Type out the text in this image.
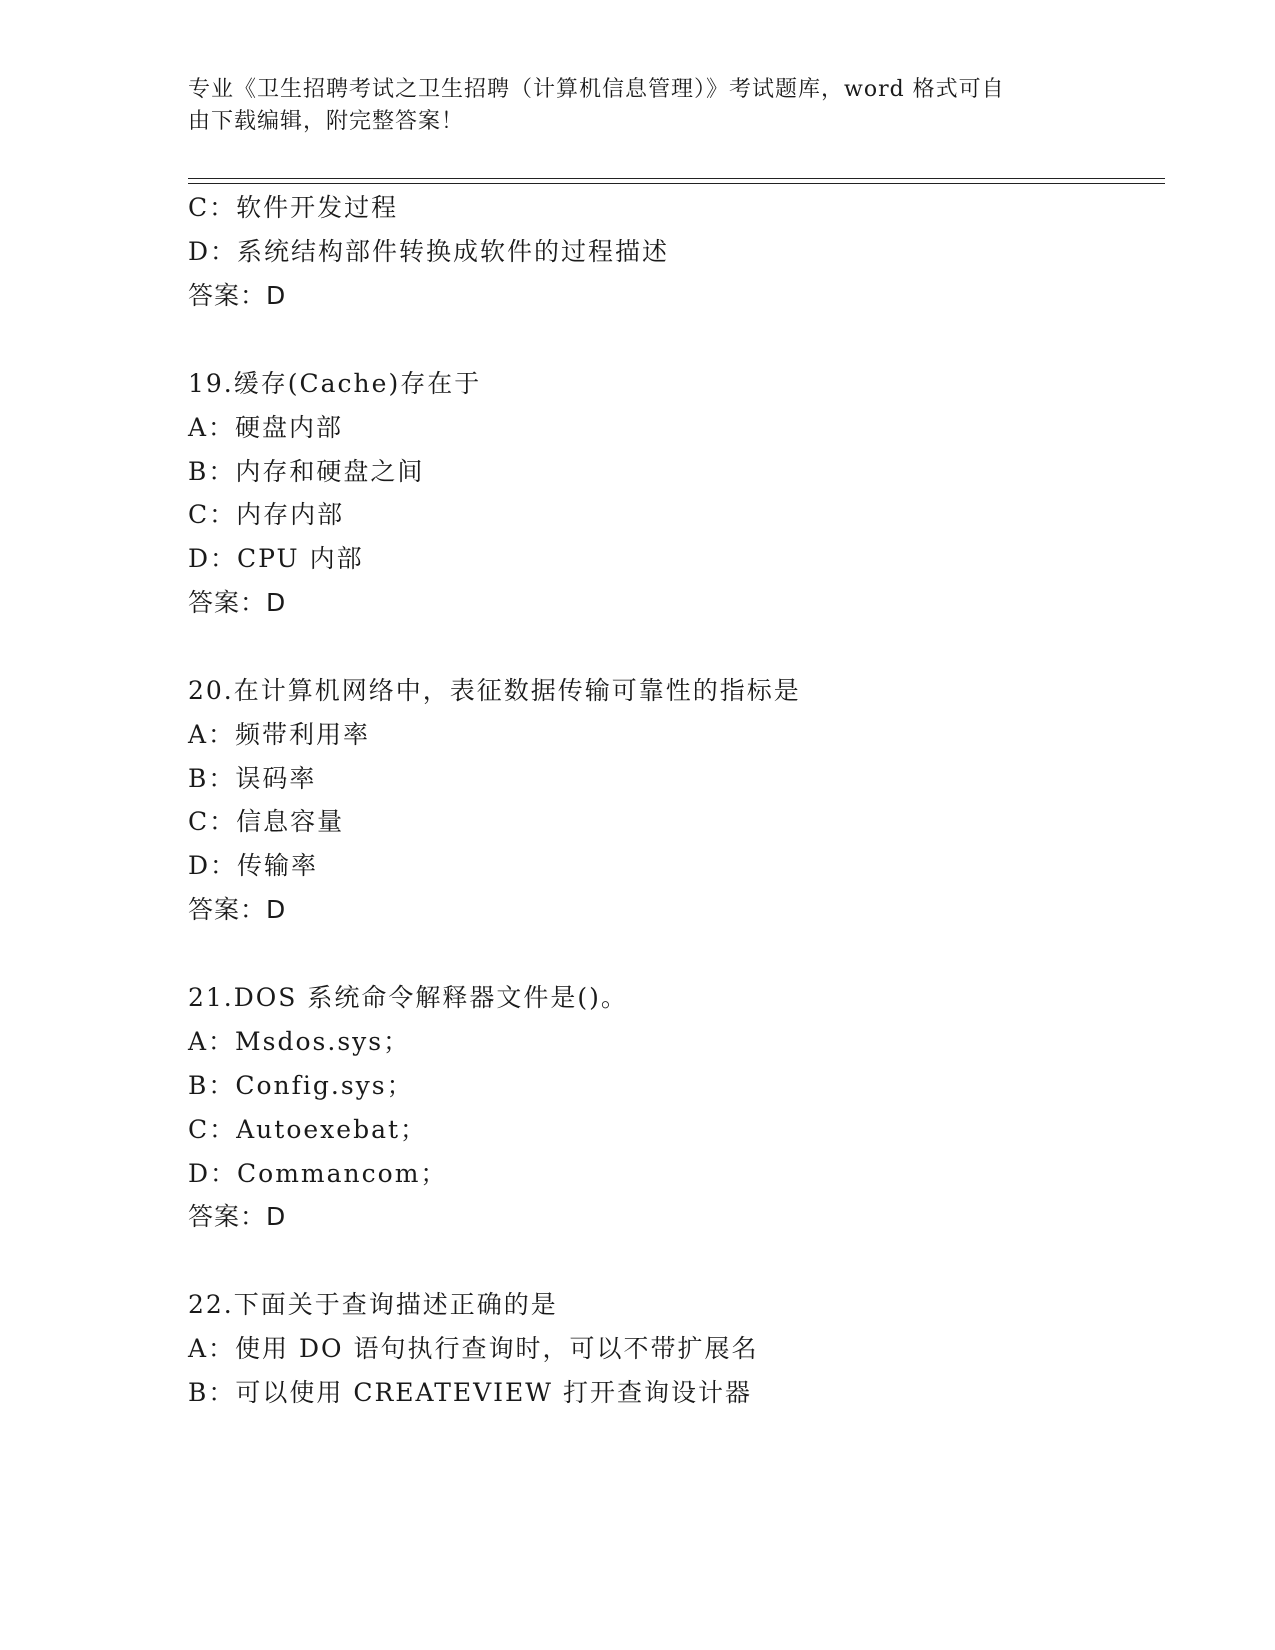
专业《卫生招聘考试之卫生招聘（计算机信息管理）》考试题库，word 格式可自
由下载编辑，附完整答案！
C：软件开发过程
D：系统结构部件转换成软件的过程描述
答案：D
19.缓存(Cache)存在于
A：硬盘内部
B：内存和硬盘之间
C：内存内部
D：CPU 内部
答案：D
20.在计算机网络中，表征数据传输可靠性的指标是
A：频带利用率
B：误码率
C：信息容量
D：传输率
答案：D
21.DOS 系统命令解释器文件是()。
A：Msdos.sys；
B：Config.sys；
C：Autoexebat；
D：Commancom；
答案：D
22.下面关于查询描述正确的是
A：使用 DO 语句执行查询时，可以不带扩展名
B：可以使用 CREATEVIEW 打开查询设计器
